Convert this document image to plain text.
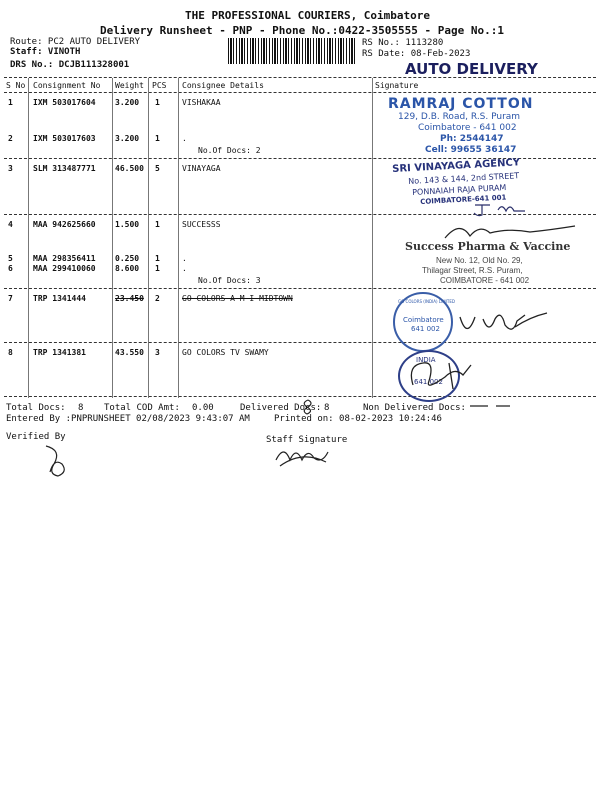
THE PROFESSIONAL COURIERS, Coimbatore
Delivery Runsheet - PNP - Phone No.:0422-3505555 - Page No.:1
Route: PC2 AUTO DELIVERY
Staff: VINOTH
DRS No.: DCJB111328001
RS No.: 1113280
RS Date: 08-Feb-2023
AUTO DELIVERY
S No Consignment No Weight PCS Consignee Details	Signature
1	IXM 503017604 3.200 1	VISHAKAA
2	IXM 503017603 3.200 1	.
No.Of Docs: 2
3	SLM 313487771 46.500 5	VINAYAGA
4	MAA 942625660 1.500 1	SUCCESSS
5	MAA 298356411 0.250 1	.
6	MAA 299410060 8.600 1	.
No.Of Docs: 3
7	TRP 1341444	23.450 2	GO COLORS A M I MIDTOWN
8	TRP 1341381	43.550 3	GO COLORS TV SWAMY
RAMRAJ COTTON
129, D.B. Road, R.S. Puram
Coimbatore - 641 002
Ph: 2544147
Cell: 99655 36147
SRI VINAYAGA AGENCY
No. 143 & 144, 2nd STREET
PONNAIAH RAJA PURAM
COIMBATORE-641 001
Success Pharma & Vaccine
New No. 12, Old No. 29,
Thilagar Street, R.S. Puram,
COIMBATORE - 641 002
GO COLORS (INDIA) LIMITED
Coimbatore
641 002
INDIA
641 002
Total Docs: 8 Total COD Amt: 0.00	Delivered Docs: 8	Non Delivered Docs:
Entered By :PNPRUNSHEET 02/08/2023 9:43:07 AM	Printed on: 08-02-2023 10:24:46
Verified By	Staff Signature
